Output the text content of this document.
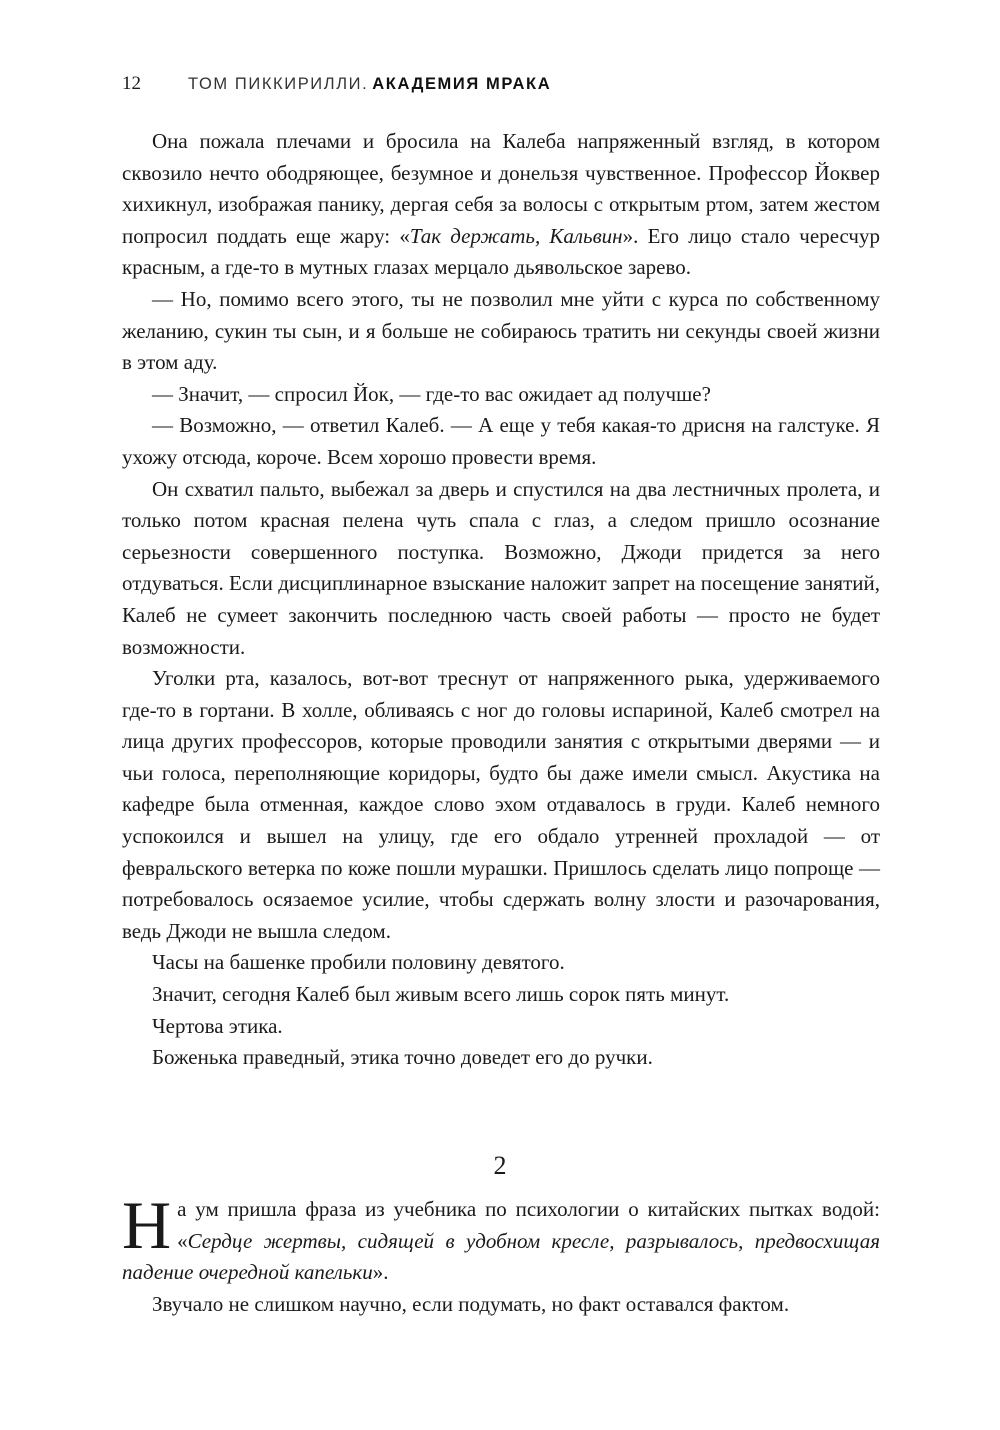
12	ТОМ ПИККИРИЛЛИ. АКАДЕМИЯ МРАКА

Она пожала плечами и бросила на Калеба напряженный взгляд, в котором сквозило нечто ободряющее, безумное и донельзя чувственное. Профессор Йоквер хихикнул, изображая панику, дергая себя за волосы с открытым ртом, затем жестом попросил поддать еще жару: «Так держать, Кальвин». Его лицо стало чересчур красным, а где-то в мутных глазах мерцало дьявольское зарево.

— Но, помимо всего этого, ты не позволил мне уйти с курса по собственному желанию, сукин ты сын, и я больше не собираюсь тратить ни секунды своей жизни в этом аду.

— Значит, — спросил Йок, — где-то вас ожидает ад получше?

— Возможно, — ответил Калеб. — А еще у тебя какая-то дрисня на галстуке. Я ухожу отсюда, короче. Всем хорошо провести время.

Он схватил пальто, выбежал за дверь и спустился на два лестничных пролета, и только потом красная пелена чуть спала с глаз, а следом пришло осознание серьезности совершенного поступка. Возможно, Джоди придется за него отдуваться. Если дисциплинарное взыскание наложит запрет на посещение занятий, Калеб не сумеет закончить последнюю часть своей работы — просто не будет возможности.

Уголки рта, казалось, вот-вот треснут от напряженного рыка, удерживаемого где-то в гортани. В холле, обливаясь с ног до головы испариной, Калеб смотрел на лица других профессоров, которые проводили занятия с открытыми дверями — и чьи голоса, переполняющие коридоры, будто бы даже имели смысл. Акустика на кафедре была отменная, каждое слово эхом отдавалось в груди. Калеб немного успокоился и вышел на улицу, где его обдало утренней прохладой — от февральского ветерка по коже пошли мурашки. Пришлось сделать лицо попроще — потребовалось осязаемое усилие, чтобы сдержать волну злости и разочарования, ведь Джоди не вышла следом.

Часы на башенке пробили половину девятого.

Значит, сегодня Калеб был живым всего лишь сорок пять минут.

Чертова этика.

Боженька праведный, этика точно доведет его до ручки.

2

На ум пришла фраза из учебника по психологии о китайских пытках водой: «Сердце жертвы, сидящей в удобном кресле, разрывалось, предвосхищая падение очередной капельки».

Звучало не слишком научно, если подумать, но факт оставался фактом.
